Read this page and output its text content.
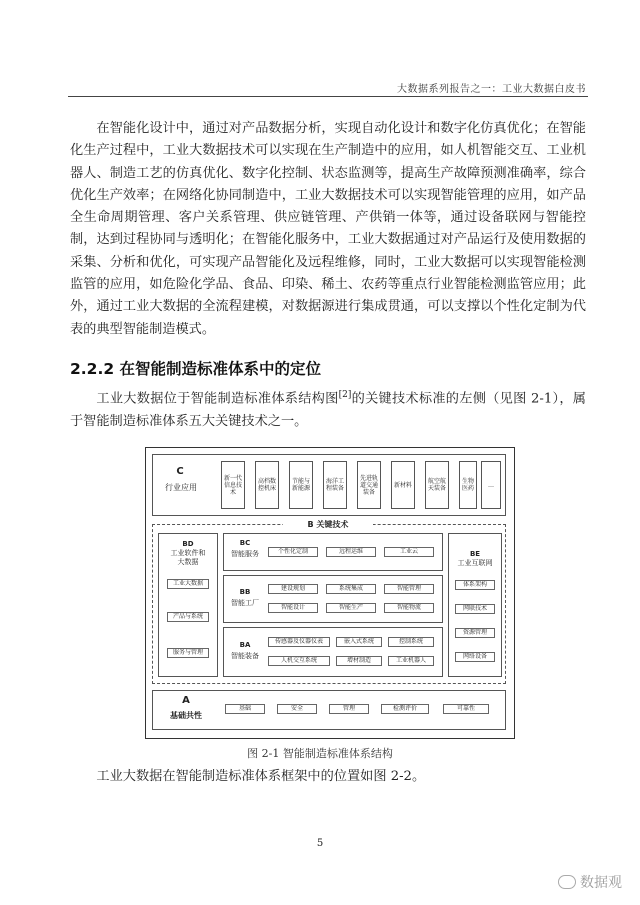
大数据系列报告之一：工业大数据白皮书
在智能化设计中，通过对产品数据分析，实现自动化设计和数字化仿真优化；在智能化生产过程中，工业大数据技术可以实现在生产制造中的应用，如人机智能交互、工业机器人、制造工艺的仿真优化、数字化控制、状态监测等，提高生产故障预测准确率，综合优化生产效率；在网络化协同制造中，工业大数据技术可以实现智能管理的应用，如产品全生命周期管理、客户关系管理、供应链管理、产供销一体等，通过设备联网与智能控制，达到过程协同与透明化；在智能化服务中，工业大数据通过对产品运行及使用数据的采集、分析和优化，可实现产品智能化及远程维修，同时，工业大数据可以实现智能检测监管的应用，如危险化学品、食品、印染、稀土、农药等重点行业智能检测监管应用；此外，通过工业大数据的全流程建模，对数据源进行集成贯通，可以支撑以个性化定制为代表的典型智能制造模式。
2.2.2 在智能制造标准体系中的定位
工业大数据位于智能制造标准体系结构图[2]的关键技术标准的左侧（见图 2-1），属于智能制造标准体系五大关键技术之一。
C
行业应用
新一代信息技术
高档数控机床
节能与新能源
海洋工程装备
先进轨道交通装备
新材料	航空航天装备
生物医药	…
B 关键技术
BD
工业软件和大数据
工业大数据
产品与系统
服务与管理
BC
智能服务	个性化定制	远程运维	工业云
BB
智能工厂
建设规划	系统集成	智能管理
智能设计	智能生产	智能物流
BA
智能装备
传感器及仪器仪表	嵌入式系统	控制系统
人机交互系统	增材制造	工业机器人
BE
工业互联网
体系架构
网联技术
资源管理
网络设备
A
基础共性
基础	安全	管理	检测评价	可靠性
图 2-1 智能制造标准体系结构
工业大数据在智能制造标准体系框架中的位置如图 2-2。
5
数据观
